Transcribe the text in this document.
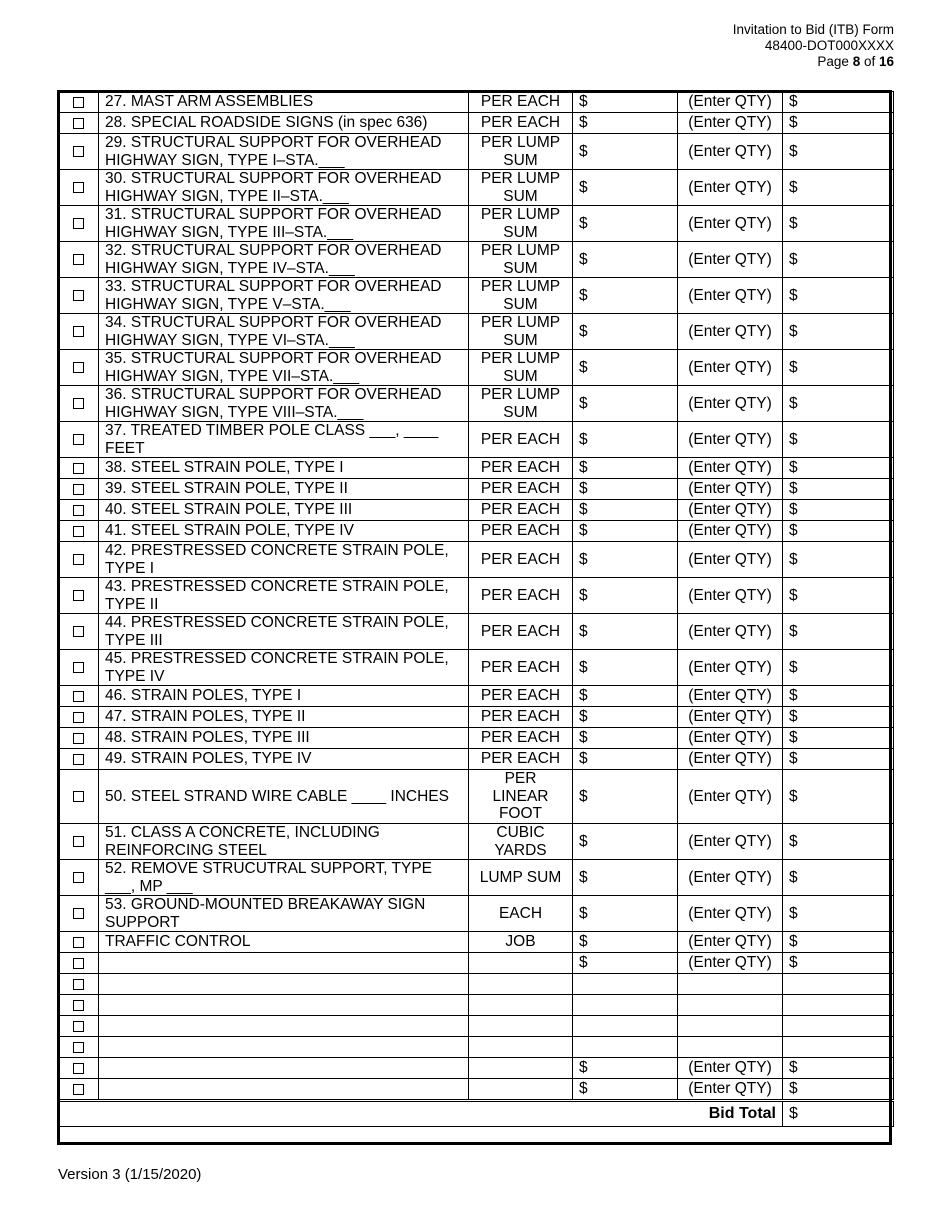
Invitation to Bid (ITB) Form
48400-DOT000XXXX
Page 8 of 16
	27. MAST ARM ASSEMBLIES	PER EACH	$	(Enter QTY)	$
	28. SPECIAL ROADSIDE SIGNS (in spec 636)	PER EACH	$	(Enter QTY)	$
	29. STRUCTURAL SUPPORT FOR OVERHEAD HIGHWAY SIGN, TYPE I–STA.___	PER LUMP SUM	$	(Enter QTY)	$
	30. STRUCTURAL SUPPORT FOR OVERHEAD HIGHWAY SIGN, TYPE II–STA.___	PER LUMP SUM	$	(Enter QTY)	$
	31. STRUCTURAL SUPPORT FOR OVERHEAD HIGHWAY SIGN, TYPE III–STA.___	PER LUMP SUM	$	(Enter QTY)	$
	32. STRUCTURAL SUPPORT FOR OVERHEAD HIGHWAY SIGN, TYPE IV–STA.___	PER LUMP SUM	$	(Enter QTY)	$
	33. STRUCTURAL SUPPORT FOR OVERHEAD HIGHWAY SIGN, TYPE V–STA.___	PER LUMP SUM	$	(Enter QTY)	$
	34. STRUCTURAL SUPPORT FOR OVERHEAD HIGHWAY SIGN, TYPE VI–STA.___	PER LUMP SUM	$	(Enter QTY)	$
	35. STRUCTURAL SUPPORT FOR OVERHEAD HIGHWAY SIGN, TYPE VII–STA.___	PER LUMP SUM	$	(Enter QTY)	$
	36. STRUCTURAL SUPPORT FOR OVERHEAD HIGHWAY SIGN, TYPE VIII–STA.___	PER LUMP SUM	$	(Enter QTY)	$
	37. TREATED TIMBER POLE CLASS ___, ____ FEET	PER EACH	$	(Enter QTY)	$
	38. STEEL STRAIN POLE, TYPE I	PER EACH	$	(Enter QTY)	$
	39. STEEL STRAIN POLE, TYPE II	PER EACH	$	(Enter QTY)	$
	40. STEEL STRAIN POLE, TYPE III	PER EACH	$	(Enter QTY)	$
	41. STEEL STRAIN POLE, TYPE IV	PER EACH	$	(Enter QTY)	$
	42. PRESTRESSED CONCRETE STRAIN POLE, TYPE I	PER EACH	$	(Enter QTY)	$
	43. PRESTRESSED CONCRETE STRAIN POLE, TYPE II	PER EACH	$	(Enter QTY)	$
	44. PRESTRESSED CONCRETE STRAIN POLE, TYPE III	PER EACH	$	(Enter QTY)	$
	45. PRESTRESSED CONCRETE STRAIN POLE, TYPE IV	PER EACH	$	(Enter QTY)	$
	46. STRAIN POLES, TYPE I	PER EACH	$	(Enter QTY)	$
	47. STRAIN POLES, TYPE II	PER EACH	$	(Enter QTY)	$
	48. STRAIN POLES, TYPE III	PER EACH	$	(Enter QTY)	$
	49. STRAIN POLES, TYPE IV	PER EACH	$	(Enter QTY)	$
	50. STEEL STRAND WIRE CABLE ____ INCHES	PER LINEAR FOOT	$	(Enter QTY)	$
	51. CLASS A CONCRETE, INCLUDING REINFORCING STEEL	CUBIC YARDS	$	(Enter QTY)	$
	52. REMOVE STRUCUTRAL SUPPORT, TYPE ___, MP ___	LUMP SUM	$	(Enter QTY)	$
	53. GROUND-MOUNTED BREAKAWAY SIGN SUPPORT	EACH	$	(Enter QTY)	$
	TRAFFIC CONTROL	JOB	$	(Enter QTY)	$
			$	(Enter QTY)	$

			$	(Enter QTY)	$
			$	(Enter QTY)	$
Bid Total					$
Version 3 (1/15/2020)
